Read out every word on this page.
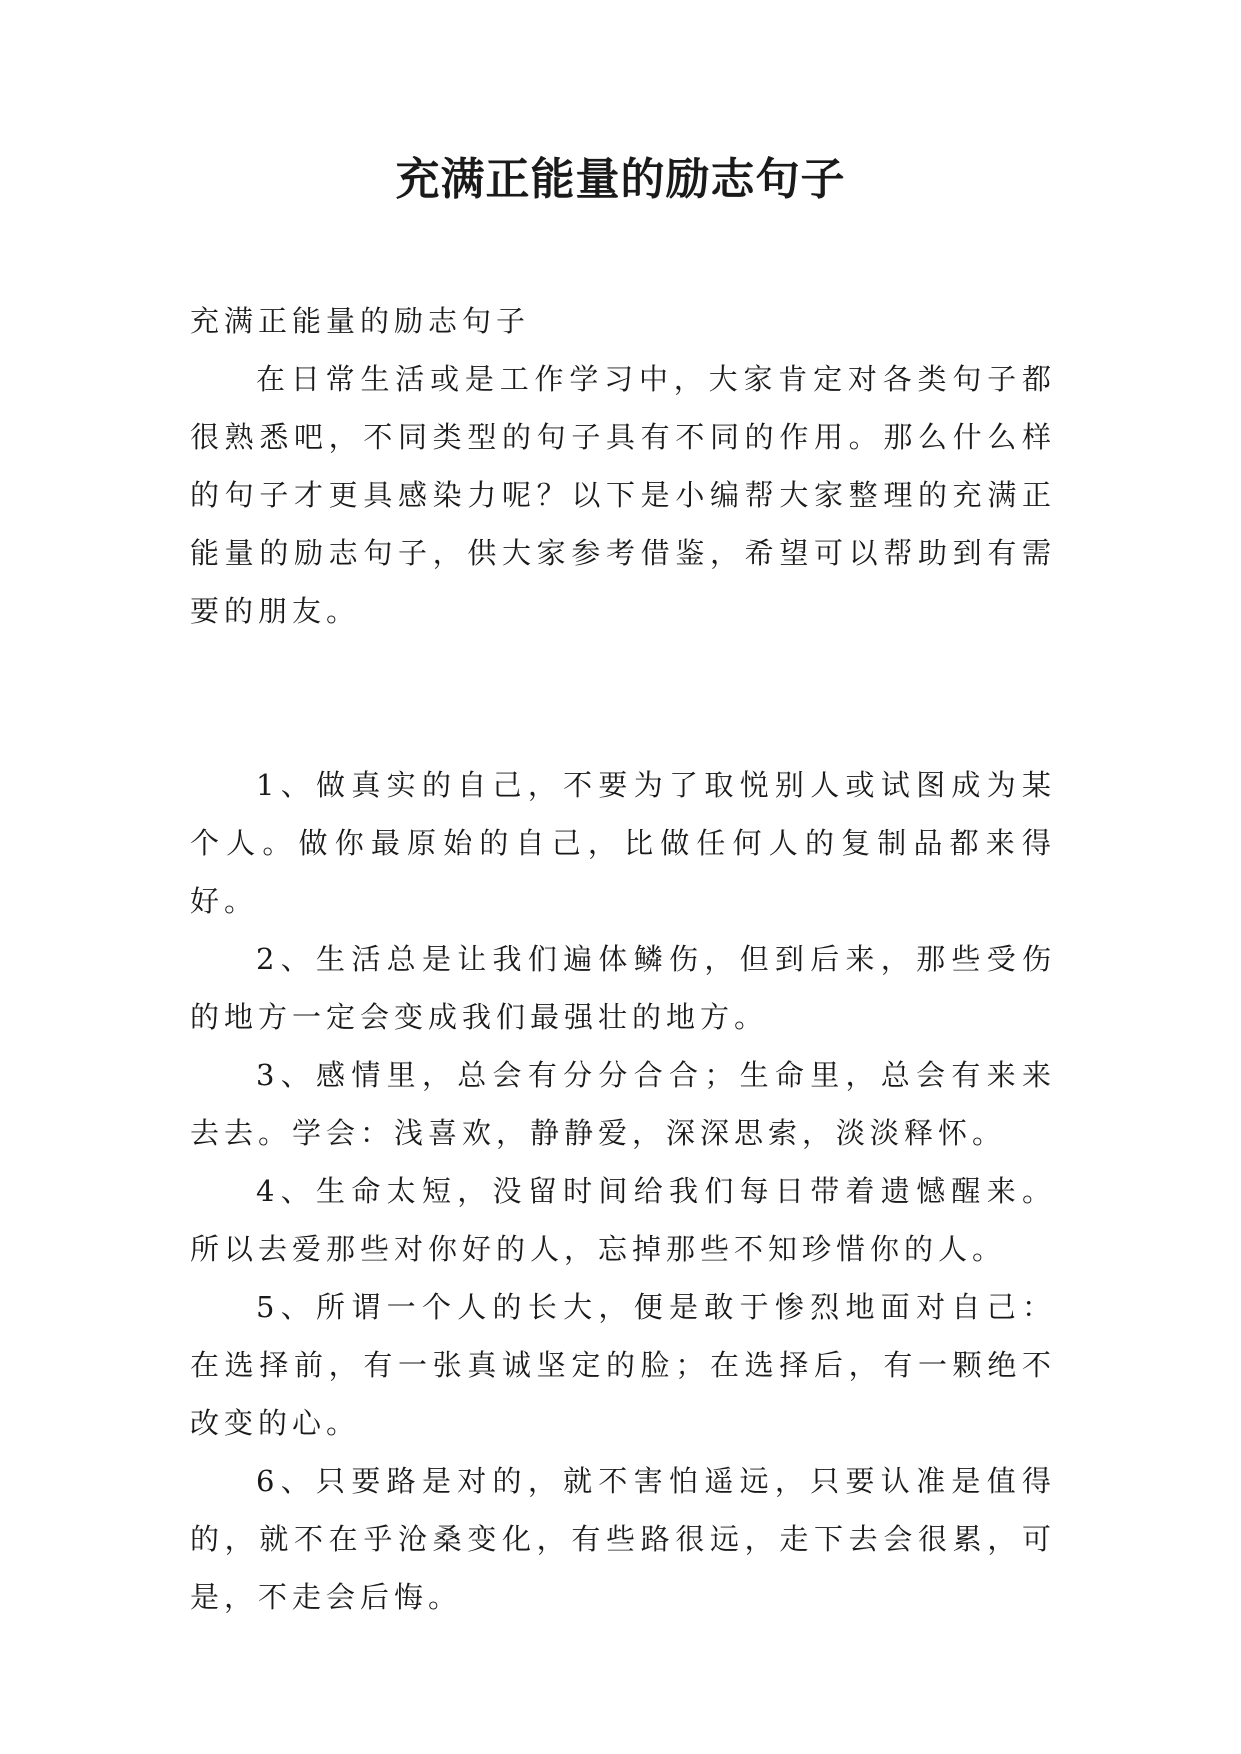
充满正能量的励志句子

充满正能量的励志句子

在日常生活或是工作学习中，大家肯定对各类句子都很熟悉吧，不同类型的句子具有不同的作用。那么什么样的句子才更具感染力呢？以下是小编帮大家整理的充满正能量的励志句子，供大家参考借鉴，希望可以帮助到有需要的朋友。

1、做真实的自己，不要为了取悦别人或试图成为某个人。做你最原始的自己，比做任何人的复制品都来得好。

2、生活总是让我们遍体鳞伤，但到后来，那些受伤的地方一定会变成我们最强壮的地方。

3、感情里，总会有分分合合；生命里，总会有来来去去。学会：浅喜欢，静静爱，深深思索，淡淡释怀。

4、生命太短，没留时间给我们每日带着遗憾醒来。所以去爱那些对你好的人，忘掉那些不知珍惜你的人。

5、所谓一个人的长大，便是敢于惨烈地面对自己：在选择前，有一张真诚坚定的脸；在选择后，有一颗绝不改变的心。

6、只要路是对的，就不害怕遥远，只要认准是值得的，就不在乎沧桑变化，有些路很远，走下去会很累，可是，不走会后悔。
